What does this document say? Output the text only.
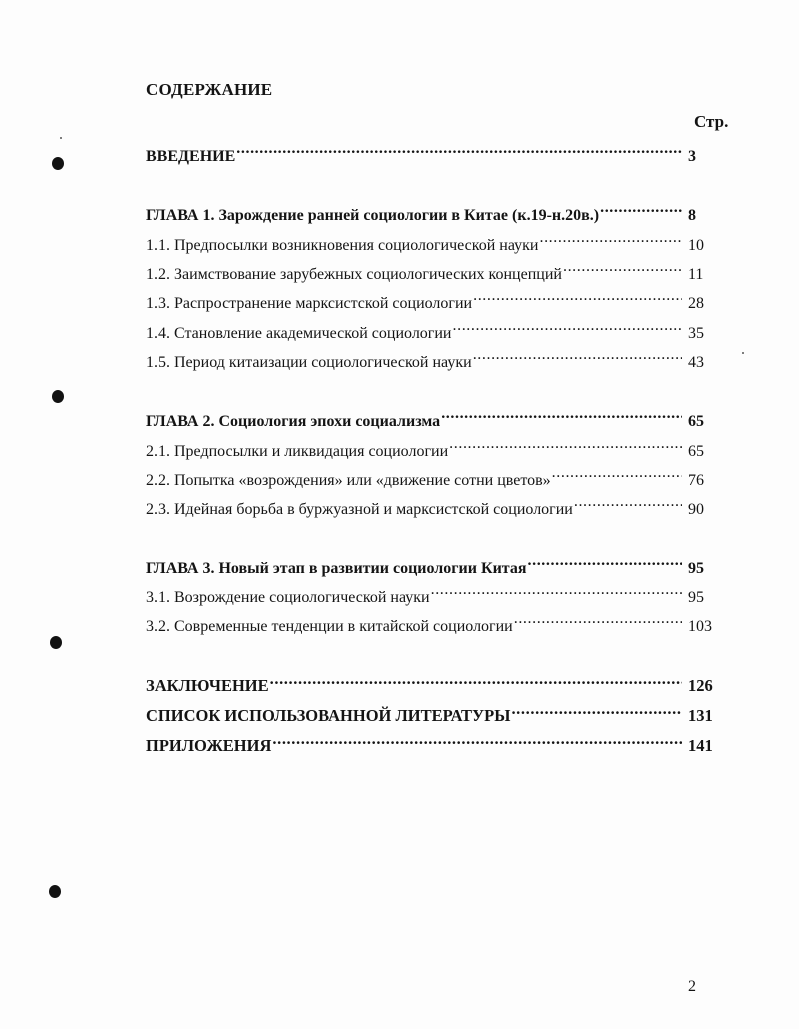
СОДЕРЖАНИЕ
Стр.
ВВЕДЕНИЕ .....	3
ГЛАВА 1. Зарождение ранней социологии в Китае (к.19-н.20в.) .....	8
1.1. Предпосылки возникновения социологической науки .....	10
1.2. Заимствование зарубежных социологических концепций .....	11
1.3. Распространение марксистской социологии .....	28
1.4. Становление академической социологии .....	35
1.5. Период китаизации социологической науки .....	43
ГЛАВА 2. Социология эпохи социализма .....	65
2.1. Предпосылки и ликвидация социологии .....	65
2.2. Попытка «возрождения» или «движение сотни цветов» .....	76
2.3. Идейная борьба в буржуазной и марксистской социологии .....	90
ГЛАВА 3. Новый этап в развитии социологии Китая .....	95
3.1. Возрождение социологической науки .....	95
3.2. Современные тенденции в китайской социологии .....	103
ЗАКЛЮЧЕНИЕ .....	126
СПИСОК ИСПОЛЬЗОВАННОЙ ЛИТЕРАТУРЫ .....	131
ПРИЛОЖЕНИЯ .....	141
2
